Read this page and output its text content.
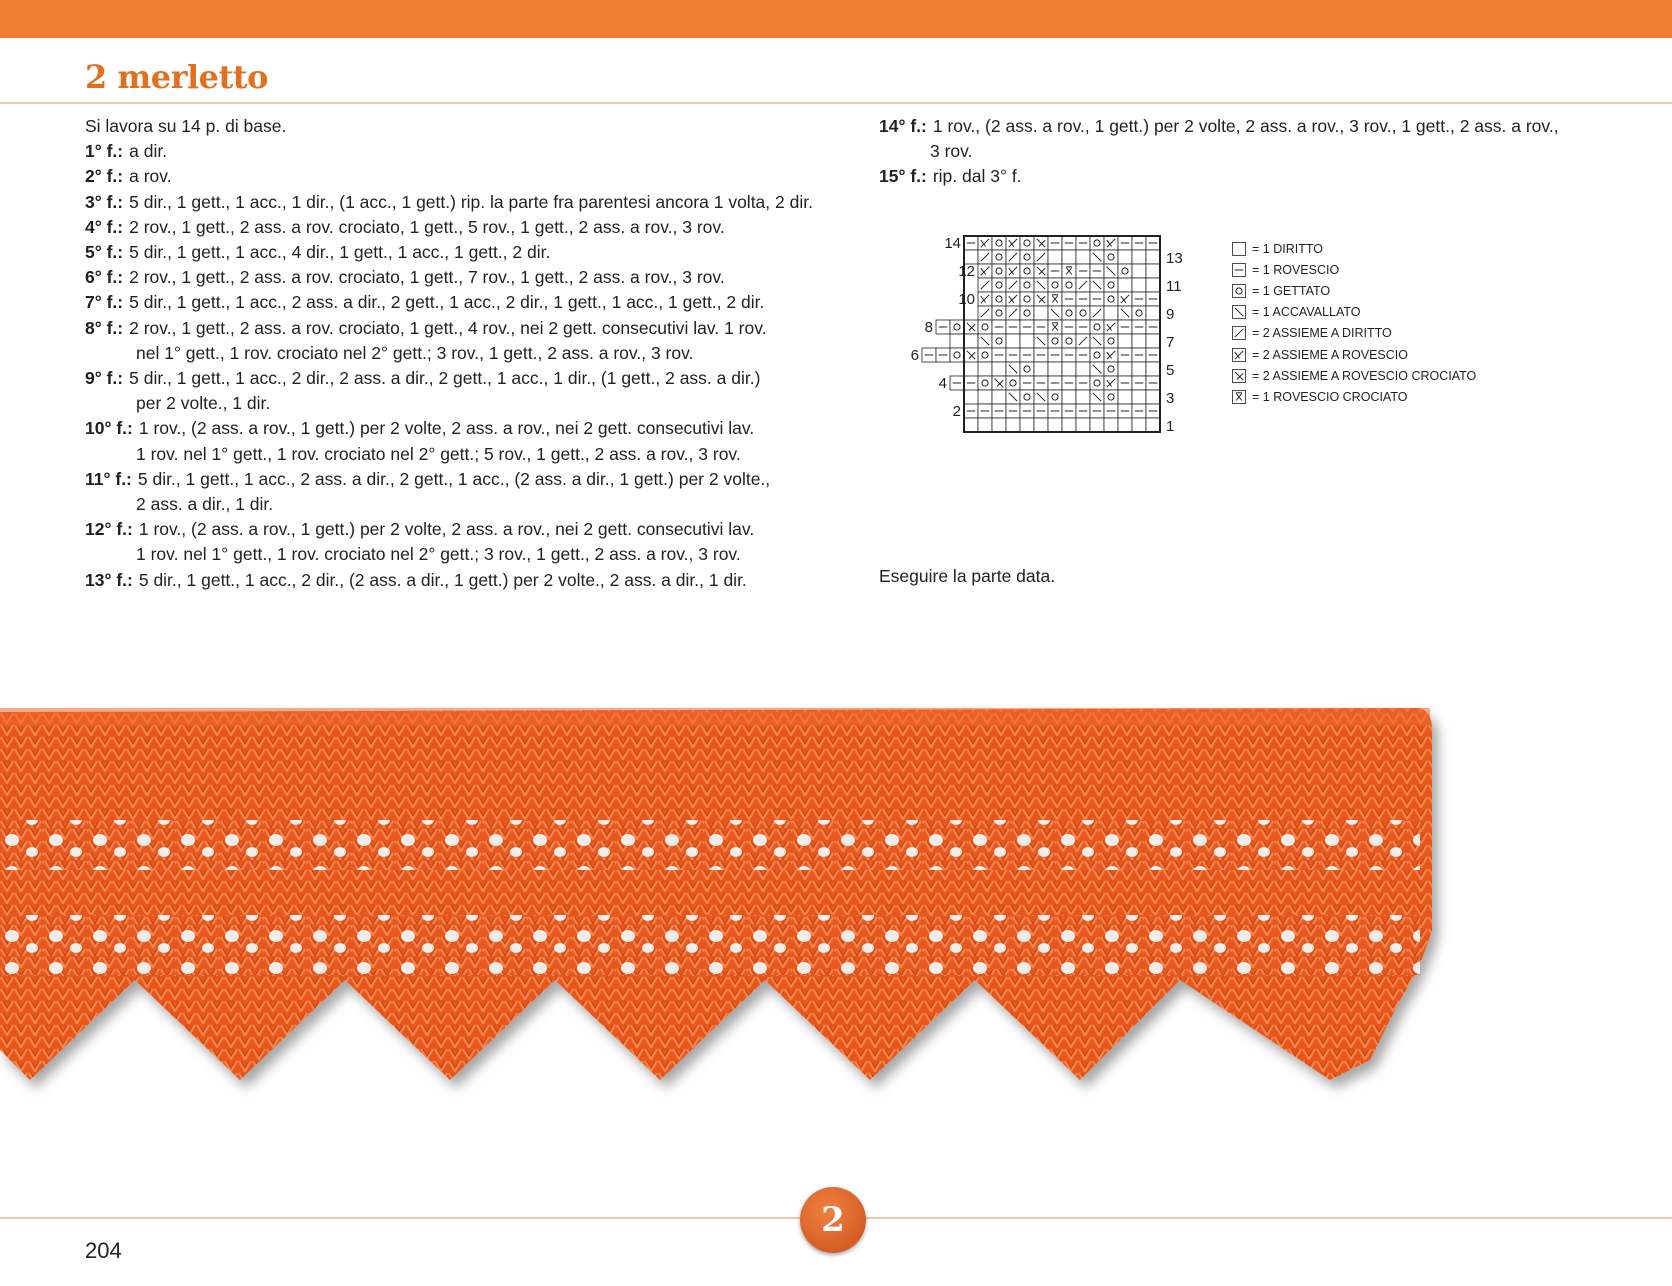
2 merletto
Si lavora su 14 p. di base.
1° f.: a dir.
2° f.: a rov.
3° f.: 5 dir., 1 gett., 1 acc., 1 dir., (1 acc., 1 gett.) rip. la parte fra parentesi ancora 1 volta, 2 dir.
4° f.: 2 rov., 1 gett., 2 ass. a rov. crociato, 1 gett., 5 rov., 1 gett., 2 ass. a rov., 3 rov.
5° f.: 5 dir., 1 gett., 1 acc., 4 dir., 1 gett., 1 acc., 1 gett., 2 dir.
6° f.: 2 rov., 1 gett., 2 ass. a rov. crociato, 1 gett., 7 rov., 1 gett., 2 ass. a rov., 3 rov.
7° f.: 5 dir., 1 gett., 1 acc., 2 ass. a dir., 2 gett., 1 acc., 2 dir., 1 gett., 1 acc., 1 gett., 2 dir.
8° f.: 2 rov., 1 gett., 2 ass. a rov. crociato, 1 gett., 4 rov., nei 2 gett. consecutivi lav. 1 rov.
nel 1° gett., 1 rov. crociato nel 2° gett.; 3 rov., 1 gett., 2 ass. a rov., 3 rov.
9° f.: 5 dir., 1 gett., 1 acc., 2 dir., 2 ass. a dir., 2 gett., 1 acc., 1 dir., (1 gett., 2 ass. a dir.)
per 2 volte., 1 dir.
10° f.: 1 rov., (2 ass. a rov., 1 gett.) per 2 volte, 2 ass. a rov., nei 2 gett. consecutivi lav.
1 rov. nel 1° gett., 1 rov. crociato nel 2° gett.; 5 rov., 1 gett., 2 ass. a rov., 3 rov.
11° f.: 5 dir., 1 gett., 1 acc., 2 ass. a dir., 2 gett., 1 acc., (2 ass. a dir., 1 gett.) per 2 volte.,
2 ass. a dir., 1 dir.
12° f.: 1 rov., (2 ass. a rov., 1 gett.) per 2 volte, 2 ass. a rov., nei 2 gett. consecutivi lav.
1 rov. nel 1° gett., 1 rov. crociato nel 2° gett.; 3 rov., 1 gett., 2 ass. a rov., 3 rov.
13° f.: 5 dir., 1 gett., 1 acc., 2 dir., (2 ass. a dir., 1 gett.) per 2 volte., 2 ass. a dir., 1 dir.
14° f.: 1 rov., (2 ass. a rov., 1 gett.) per 2 volte, 2 ass. a rov., 3 rov., 1 gett., 2 ass. a rov.,
3 rov.
15° f.: rip. dal 3° f.
14
12
10
8
6
4
2
13
11
9
7
5
3
1
= 1 DIRITTO
= 1 ROVESCIO
= 1 GETTATO
= 1 ACCAVALLATO
= 2 ASSIEME A DIRITTO
= 2 ASSIEME A ROVESCIO
= 2 ASSIEME A ROVESCIO CROCIATO
= 1 ROVESCIO CROCIATO
Eseguire la parte data.
2
204
